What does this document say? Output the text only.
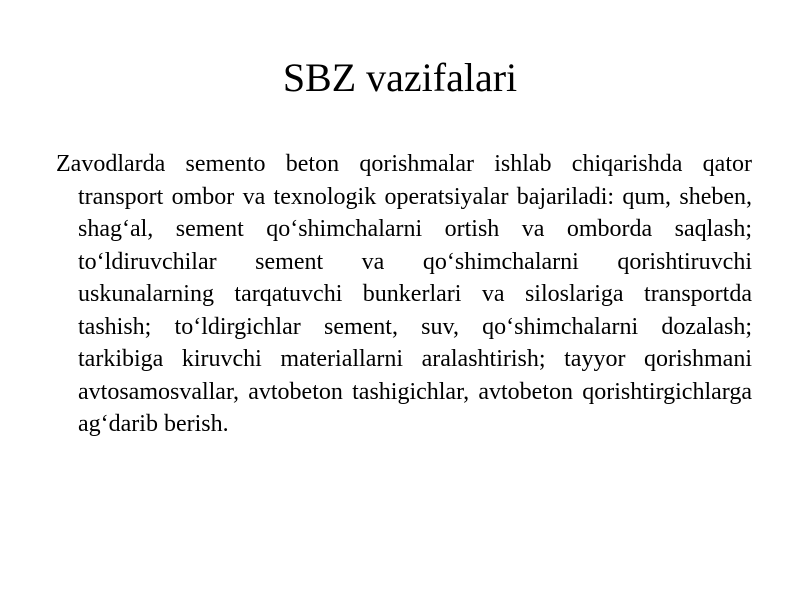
SBZ vazifalari

Zavodlarda semento beton qorishmalar ishlab chiqarishda qator transport ombor va texnologik operatsiyalar bajariladi: qum, sheben, shag‘al, sement qo‘shimchalarni ortish va omborda saqlash; to‘ldiruvchilar sement va qo‘shimchalarni qorishtiruvchi uskunalarning tarqatuvchi bunkerlari va siloslariga transportda tashish; to‘ldirgichlar sement, suv, qo‘shimchalarni dozalash; tarkibiga kiruvchi materiallarni aralashtirish; tayyor qorishmani avtosamosvallar, avtobeton tashigichlar, avtobeton qorishtirgichlarga ag‘darib berish.
